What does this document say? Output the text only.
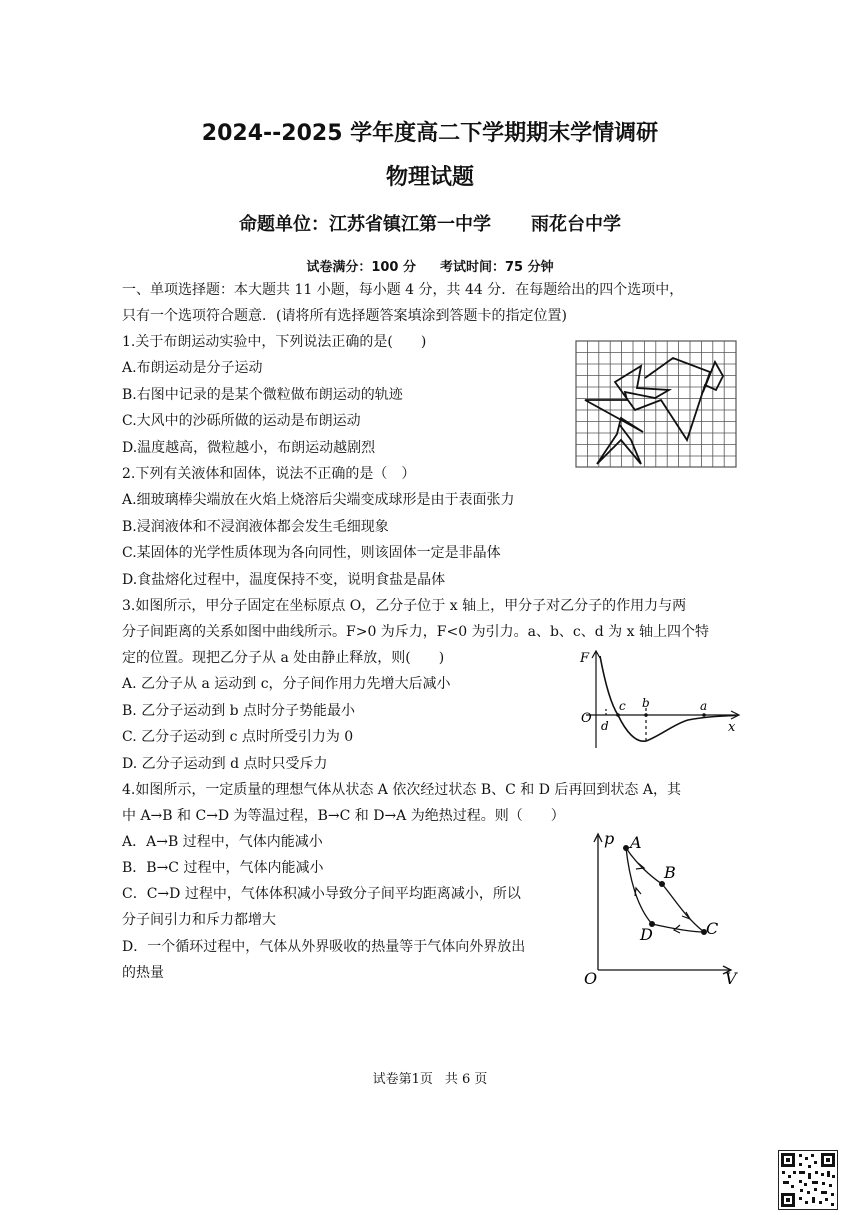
2024--2025 学年度高二下学期期末学情调研
物理试题
命题单位：江苏省镇江第一中学 雨花台中学
试卷满分：100 分 考试时间：75 分钟
一、单项选择题：本大题共 11 小题，每小题 4 分，共 44 分．在每题给出的四个选项中，
只有一个选项符合题意．(请将所有选择题答案填涂到答题卡的指定位置)
1.关于布朗运动实验中，下列说法正确的是(　　)
A.布朗运动是分子运动
B.右图中记录的是某个微粒做布朗运动的轨迹
C.大风中的沙砾所做的运动是布朗运动
D.温度越高，微粒越小，布朗运动越剧烈
2.下列有关液体和固体，说法不正确的是（　）
A.细玻璃棒尖端放在火焰上烧溶后尖端变成球形是由于表面张力
B.浸润液体和不浸润液体都会发生毛细现象
C.某固体的光学性质体现为各向同性，则该固体一定是非晶体
D.食盐熔化过程中，温度保持不变，说明食盐是晶体
3.如图所示，甲分子固定在坐标原点 O，乙分子位于 x 轴上，甲分子对乙分子的作用力与两
分子间距离的关系如图中曲线所示。F>0 为斥力，F<0 为引力。a、b、c、d 为 x 轴上四个特
定的位置。现把乙分子从 a 处由静止释放，则(　　)
A. 乙分子从 a 运动到 c，分子间作用力先增大后减小
B. 乙分子运动到 b 点时分子势能最小
C. 乙分子运动到 c 点时所受引力为 0
D. 乙分子运动到 d 点时只受斥力
F
O
x
c b	a
d
4.如图所示，一定质量的理想气体从状态 A 依次经过状态 B、C 和 D 后再回到状态 A，其
中 A→B 和 C→D 为等温过程，B→C 和 D→A 为绝热过程。则（　　）
A．A→B 过程中，气体内能减小
B．B→C 过程中，气体内能减小
C．C→D 过程中，气体体积减小导致分子间平均距离减小，所以
分子间引力和斥力都增大
D．一个循环过程中，气体从外界吸收的热量等于气体向外界放出
的热量
p
O	V
A
B
C
D
试卷第1页 共 6 页
